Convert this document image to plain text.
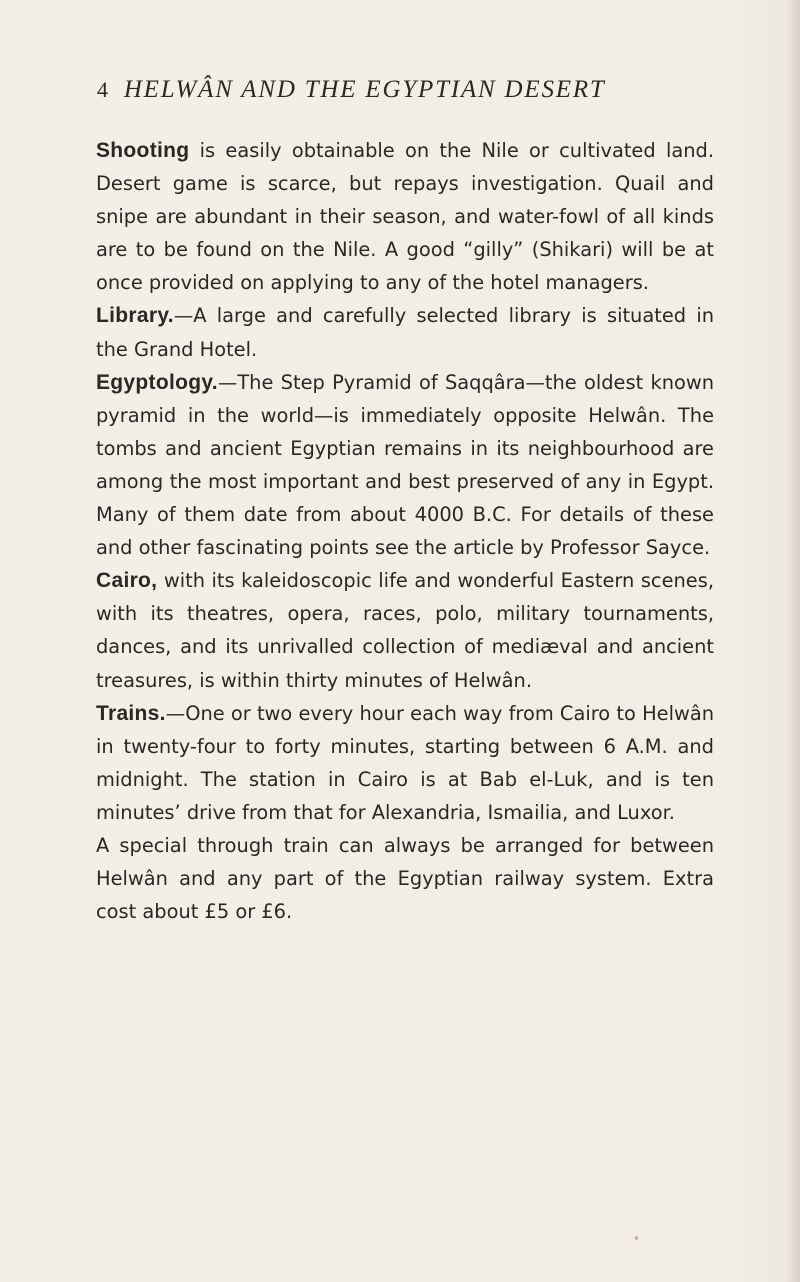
4 HELWÂN AND THE EGYPTIAN DESERT

Shooting is easily obtainable on the Nile or cultivated land. Desert game is scarce, but repays investigation. Quail and snipe are abundant in their season, and water-fowl of all kinds are to be found on the Nile. A good “gilly” (Shikari) will be at once provided on applying to any of the hotel managers.

Library.—A large and carefully selected library is situated in the Grand Hotel.

Egyptology.—The Step Pyramid of Saqqâra—the oldest known pyramid in the world—is immediately opposite Helwân. The tombs and ancient Egyptian remains in its neighbourhood are among the most important and best preserved of any in Egypt. Many of them date from about 4000 B.C. For details of these and other fascinating points see the article by Professor Sayce.

Cairo, with its kaleidoscopic life and wonderful Eastern scenes, with its theatres, opera, races, polo, military tournaments, dances, and its unrivalled collection of mediæval and ancient treasures, is within thirty minutes of Helwân.

Trains.—One or two every hour each way from Cairo to Helwân in twenty-four to forty minutes, starting between 6 A.M. and midnight. The station in Cairo is at Bab el-Luk, and is ten minutes’ drive from that for Alexandria, Ismailia, and Luxor.

A special through train can always be arranged for between Helwân and any part of the Egyptian railway system. Extra cost about £5 or £6.
